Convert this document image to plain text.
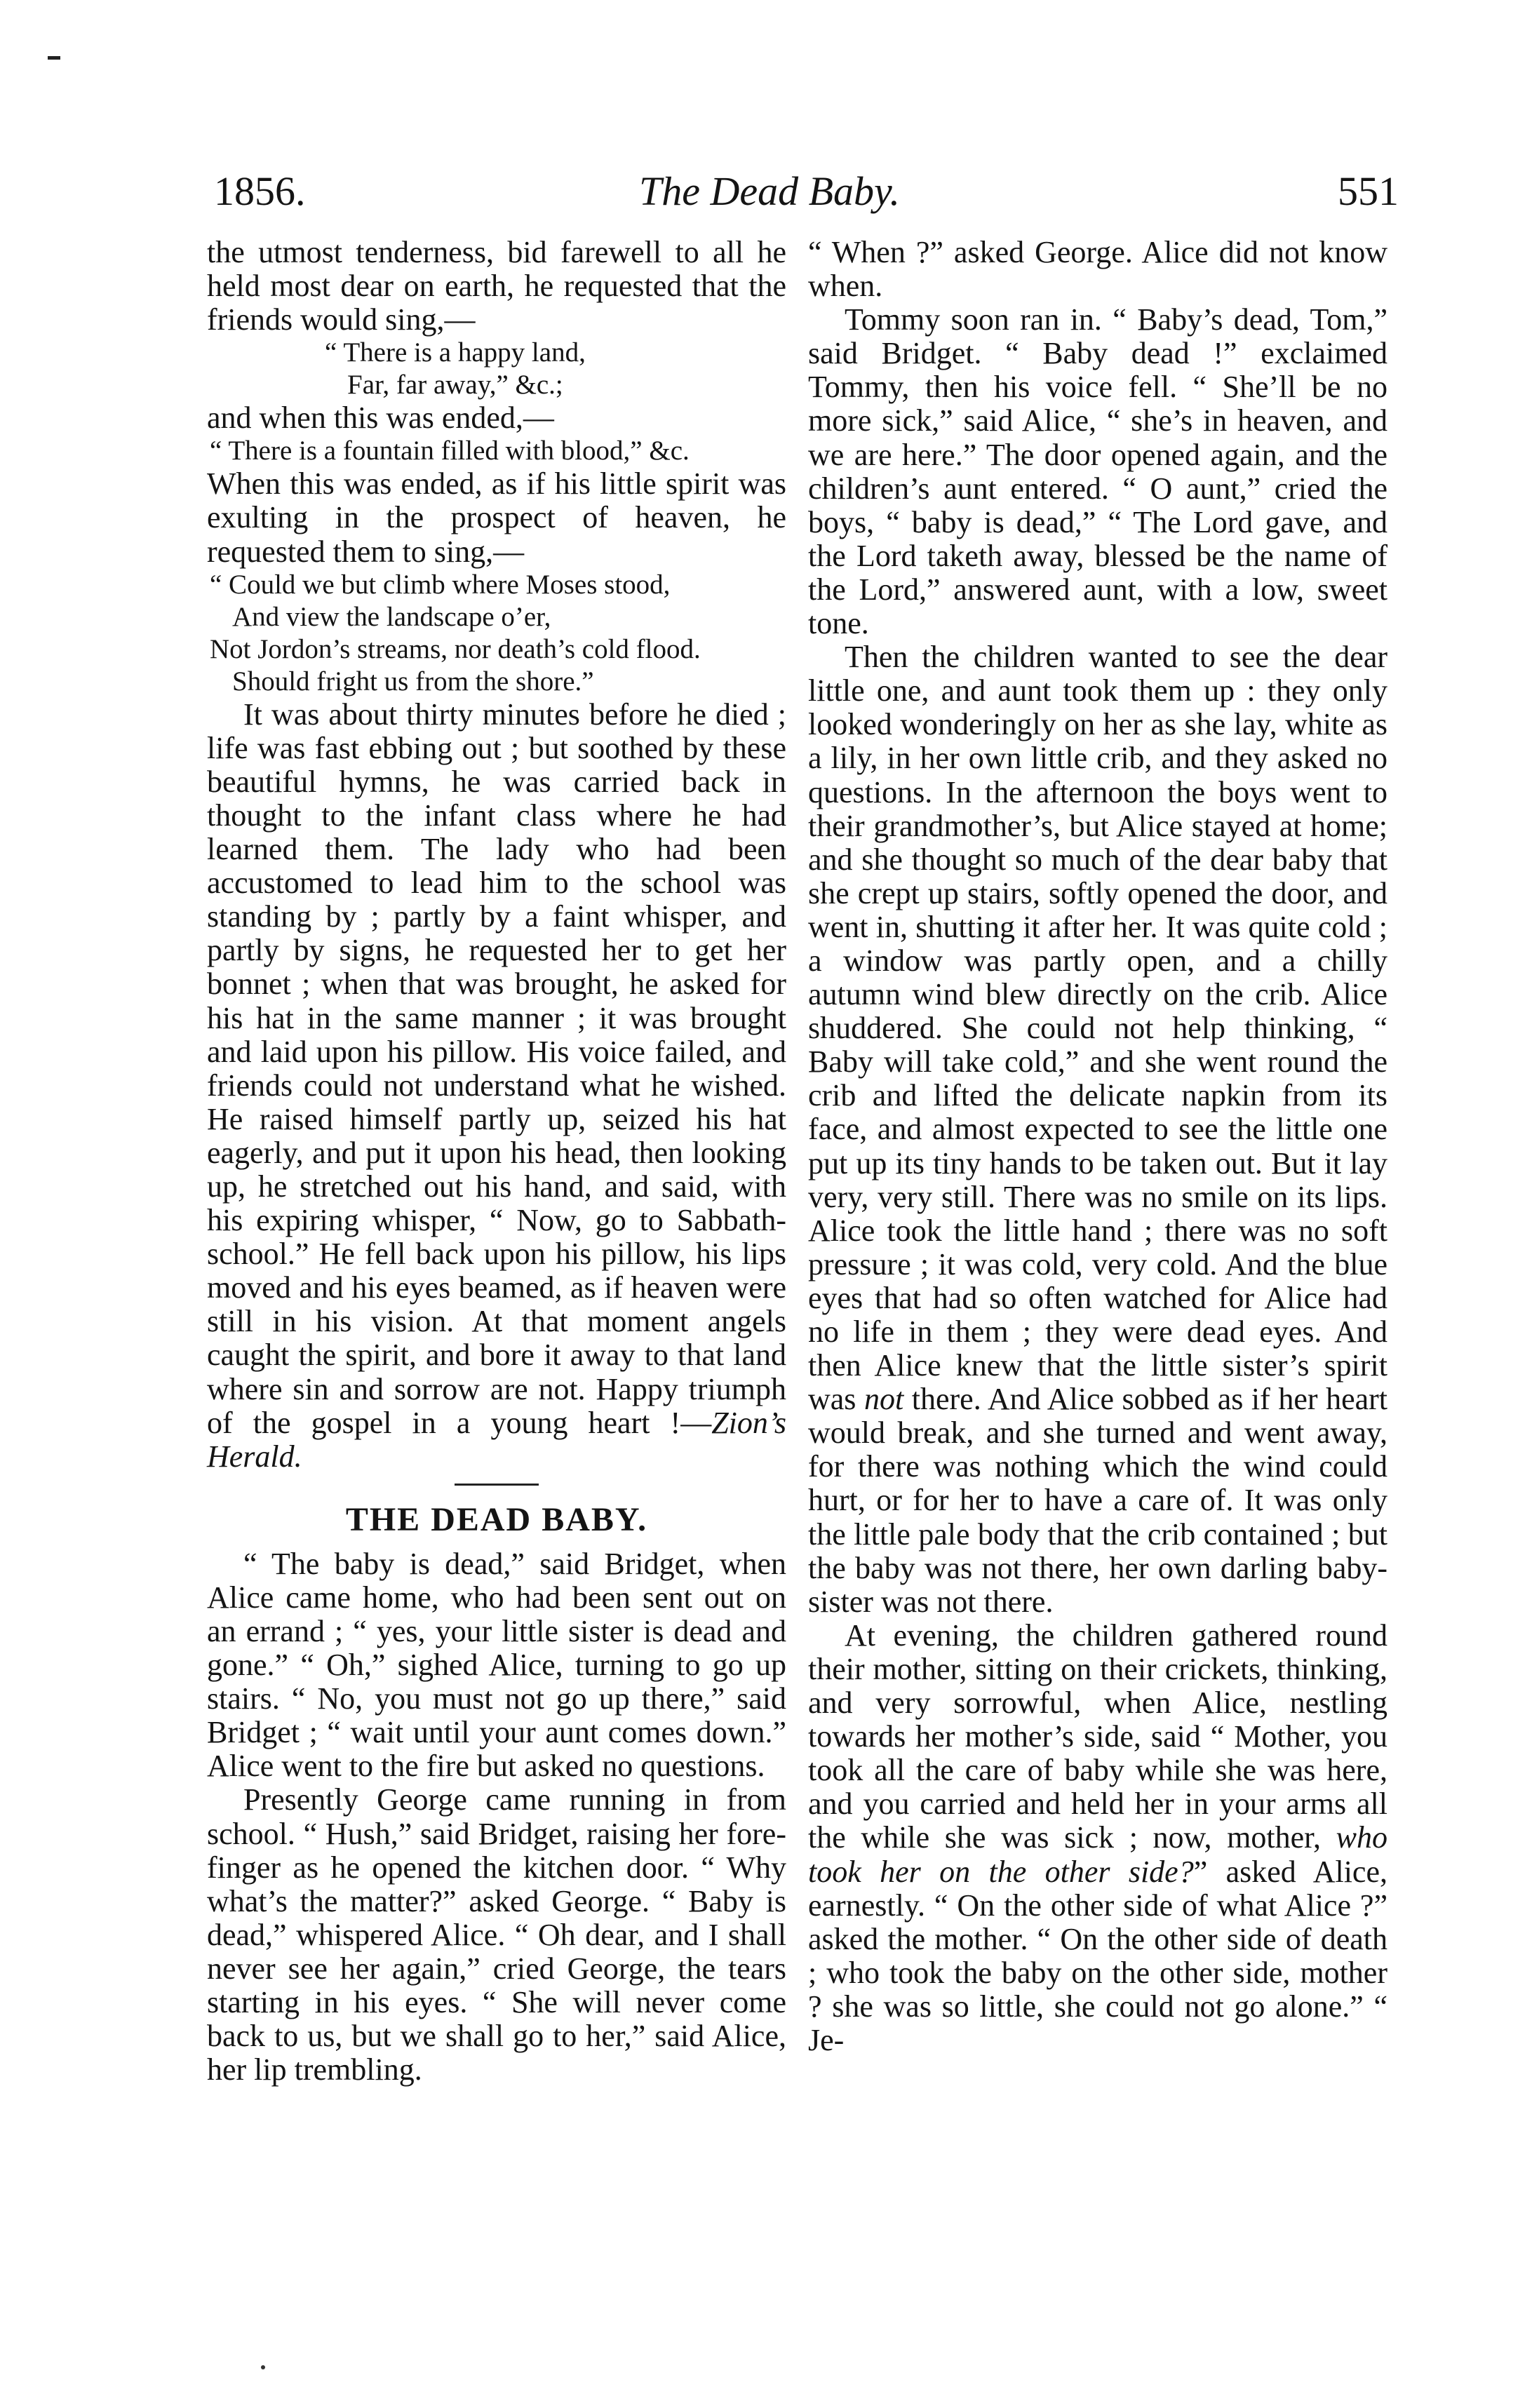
1856.	The Dead Baby.	551

the utmost tenderness, bid farewell to all he held most dear on earth, he requested that the friends would sing,—

“ There is a happy land,
Far, far away,” &c.;

and when this was ended,—

“ There is a fountain filled with blood,” &c.

When this was ended, as if his little spirit was exulting in the prospect of heaven, he requested them to sing,—

“ Could we but climb where Moses stood,
And view the landscape o’er,
Not Jordon’s streams, nor death’s cold flood.
Should fright us from the shore.”

It was about thirty minutes before he died ; life was fast ebbing out ; but soothed by these beautiful hymns, he was carried back in thought to the infant class where he had learned them. The lady who had been accustomed to lead him to the school was standing by ; partly by a faint whisper, and partly by signs, he requested her to get her bonnet ; when that was brought, he asked for his hat in the same manner ; it was brought and laid upon his pillow. His voice failed, and friends could not understand what he wished. He raised himself partly up, seized his hat eagerly, and put it upon his head, then looking up, he stretched out his hand, and said, with his expiring whisper, “ Now, go to Sabbath-school.” He fell back upon his pillow, his lips moved and his eyes beamed, as if heaven were still in his vision. At that moment angels caught the spirit, and bore it away to that land where sin and sorrow are not. Happy triumph of the gospel in a young heart !—Zion’s Herald.

THE DEAD BABY.

“ The baby is dead,” said Bridget, when Alice came home, who had been sent out on an errand ; “ yes, your little sister is dead and gone.” “ Oh,” sighed Alice, turning to go up stairs. “ No, you must not go up there,” said Bridget ; “ wait until your aunt comes down.” Alice went to the fire but asked no questions.

Presently George came running in from school. “ Hush,” said Bridget, raising her fore-finger as he opened the kitchen door. “ Why what’s the matter?” asked George. “ Baby is dead,” whispered Alice. “ Oh dear, and I shall never see her again,” cried George, the tears starting in his eyes. “ She will never come back to us, but we shall go to her,” said Alice, her lip trembling.

“ When ?” asked George. Alice did not know when.

Tommy soon ran in. “ Baby’s dead, Tom,” said Bridget. “ Baby dead !” exclaimed Tommy, then his voice fell. “ She’ll be no more sick,” said Alice, “ she’s in heaven, and we are here.” The door opened again, and the children’s aunt entered. “ O aunt,” cried the boys, “ baby is dead,” “ The Lord gave, and the Lord taketh away, blessed be the name of the Lord,” answered aunt, with a low, sweet tone.

Then the children wanted to see the dear little one, and aunt took them up : they only looked wonderingly on her as she lay, white as a lily, in her own little crib, and they asked no questions. In the afternoon the boys went to their grandmother’s, but Alice stayed at home; and she thought so much of the dear baby that she crept up stairs, softly opened the door, and went in, shutting it after her. It was quite cold ; a window was partly open, and a chilly autumn wind blew directly on the crib. Alice shuddered. She could not help thinking, “ Baby will take cold,” and she went round the crib and lifted the delicate napkin from its face, and almost expected to see the little one put up its tiny hands to be taken out. But it lay very, very still. There was no smile on its lips. Alice took the little hand ; there was no soft pressure ; it was cold, very cold. And the blue eyes that had so often watched for Alice had no life in them ; they were dead eyes. And then Alice knew that the little sister’s spirit was not there. And Alice sobbed as if her heart would break, and she turned and went away, for there was nothing which the wind could hurt, or for her to have a care of. It was only the little pale body that the crib contained ; but the baby was not there, her own darling baby-sister was not there.

At evening, the children gathered round their mother, sitting on their crickets, thinking, and very sorrowful, when Alice, nestling towards her mother’s side, said “ Mother, you took all the care of baby while she was here, and you carried and held her in your arms all the while she was sick ; now, mother, who took her on the other side?” asked Alice, earnestly. “ On the other side of what Alice ?” asked the mother. “ On the other side of death ; who took the baby on the other side, mother ? she was so little, she could not go alone.” “ Je-
